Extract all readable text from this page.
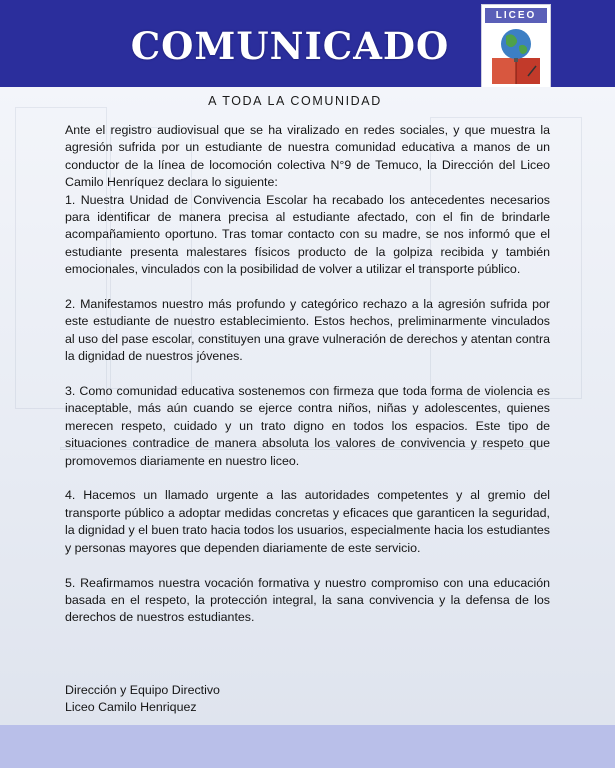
COMUNICADO
LICEO
A TODA LA COMUNIDAD

Ante el registro audiovisual que se ha viralizado en redes sociales, y que muestra la agresión sufrida por un estudiante de nuestra comunidad educativa a manos de un conductor de la línea de locomoción colectiva N°9 de Temuco, la Dirección del Liceo Camilo Henríquez declara lo siguiente:

1. Nuestra Unidad de Convivencia Escolar ha recabado los antecedentes necesarios para identificar de manera precisa al estudiante afectado, con el fin de brindarle acompañamiento oportuno. Tras tomar contacto con su madre, se nos informó que el estudiante presenta malestares físicos producto de la golpiza recibida y también emocionales, vinculados con la posibilidad de volver a utilizar el transporte público.

2. Manifestamos nuestro más profundo y categórico rechazo a la agresión sufrida por este estudiante de nuestro establecimiento. Estos hechos, preliminarmente vinculados al uso del pase escolar, constituyen una grave vulneración de derechos y atentan contra la dignidad de nuestros jóvenes.

3. Como comunidad educativa sostenemos con firmeza que toda forma de violencia es inaceptable, más aún cuando se ejerce contra niños, niñas y adolescentes, quienes merecen respeto, cuidado y un trato digno en todos los espacios. Este tipo de situaciones contradice de manera absoluta los valores de convivencia y respeto que promovemos diariamente en nuestro liceo.

4. Hacemos un llamado urgente a las autoridades competentes y al gremio del transporte público a adoptar medidas concretas y eficaces que garanticen la seguridad, la dignidad y el buen trato hacia todos los usuarios, especialmente hacia los estudiantes y personas mayores que dependen diariamente de este servicio.

5. Reafirmamos nuestra vocación formativa y nuestro compromiso con una educación basada en el respeto, la protección integral, la sana convivencia y la defensa de los derechos de nuestros estudiantes.

Dirección y Equipo Directivo
Liceo Camilo Henriquez
